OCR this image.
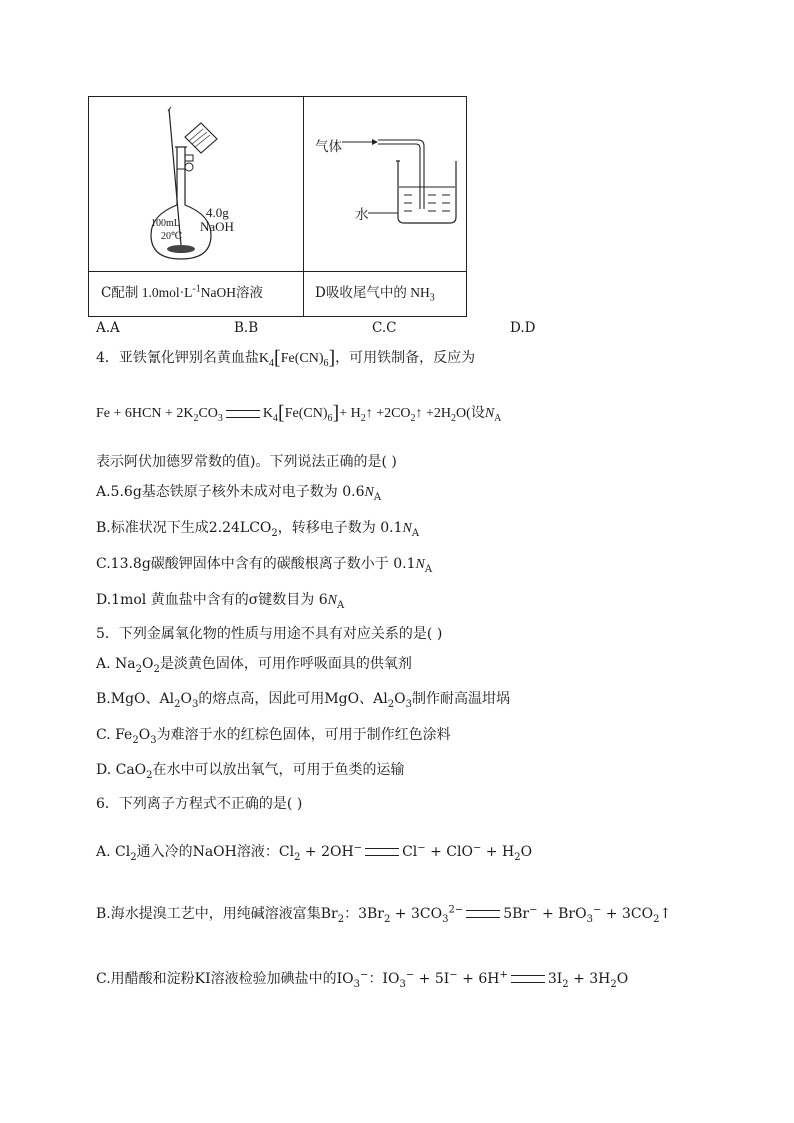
100mL
20℃
4.0g
NaOH
气体
水
C配制 $1.0mol\cdot L^{-1}NaOH$溶液	D吸收尾气中的 $NH_3$
A.A	B.B	C.C	D.D
4．亚铁氰化钾别名黄血盐$K_4[Fe(CN)_6]$，可用铁制备，反应为
$Fe + 6HCN + 2K_2CO_3$	$K_4[Fe(CN)_6]+$ $H_2↑$ $+2CO_2↑ +2H_2O$(设$N_A$
表示阿伏加德罗常数的值)。下列说法正确的是( )
A.5.6g基态铁原子核外未成对电子数为 $0.6N_A$
B.标准状况下生成$2.24LCO_2$，转移电子数为 $0.1N_A$
C.13.8g碳酸钾固体中含有的碳酸根离子数小于 $0.1N_A$
D.1mol 黄血盐中含有的σ键数目为 $6N_A$
5．下列金属氧化物的性质与用途不具有对应关系的是( )
A. $Na_2O_2$是淡黄色固体，可用作呼吸面具的供氧剂
B.MgO、$Al_2O_3$的熔点高，因此可用MgO、$Al_2O_3$制作耐高温坩埚
C. $Fe_2O_3$为难溶于水的红棕色固体，可用于制作红色涂料
D. CaO$_2$在水中可以放出氧气，可用于鱼类的运输
6．下列离子方程式不正确的是( )
A. $Cl_2$通入冷的NaOH溶液：$Cl_2 + 2OH^-$	$Cl^- + ClO^- + H_2O$
B.海水提溴工艺中，用纯碱溶液富集$Br_2$：$3Br_2 + 3CO_3^{2-}$	$5Br^- + BrO_3^- + 3CO_2↑$
C.用醋酸和淀粉KI溶液检验加碘盐中的$IO_3^-$：$IO_3^- + 5I^- + 6H^+$	$3I_2 + 3H_2O$
